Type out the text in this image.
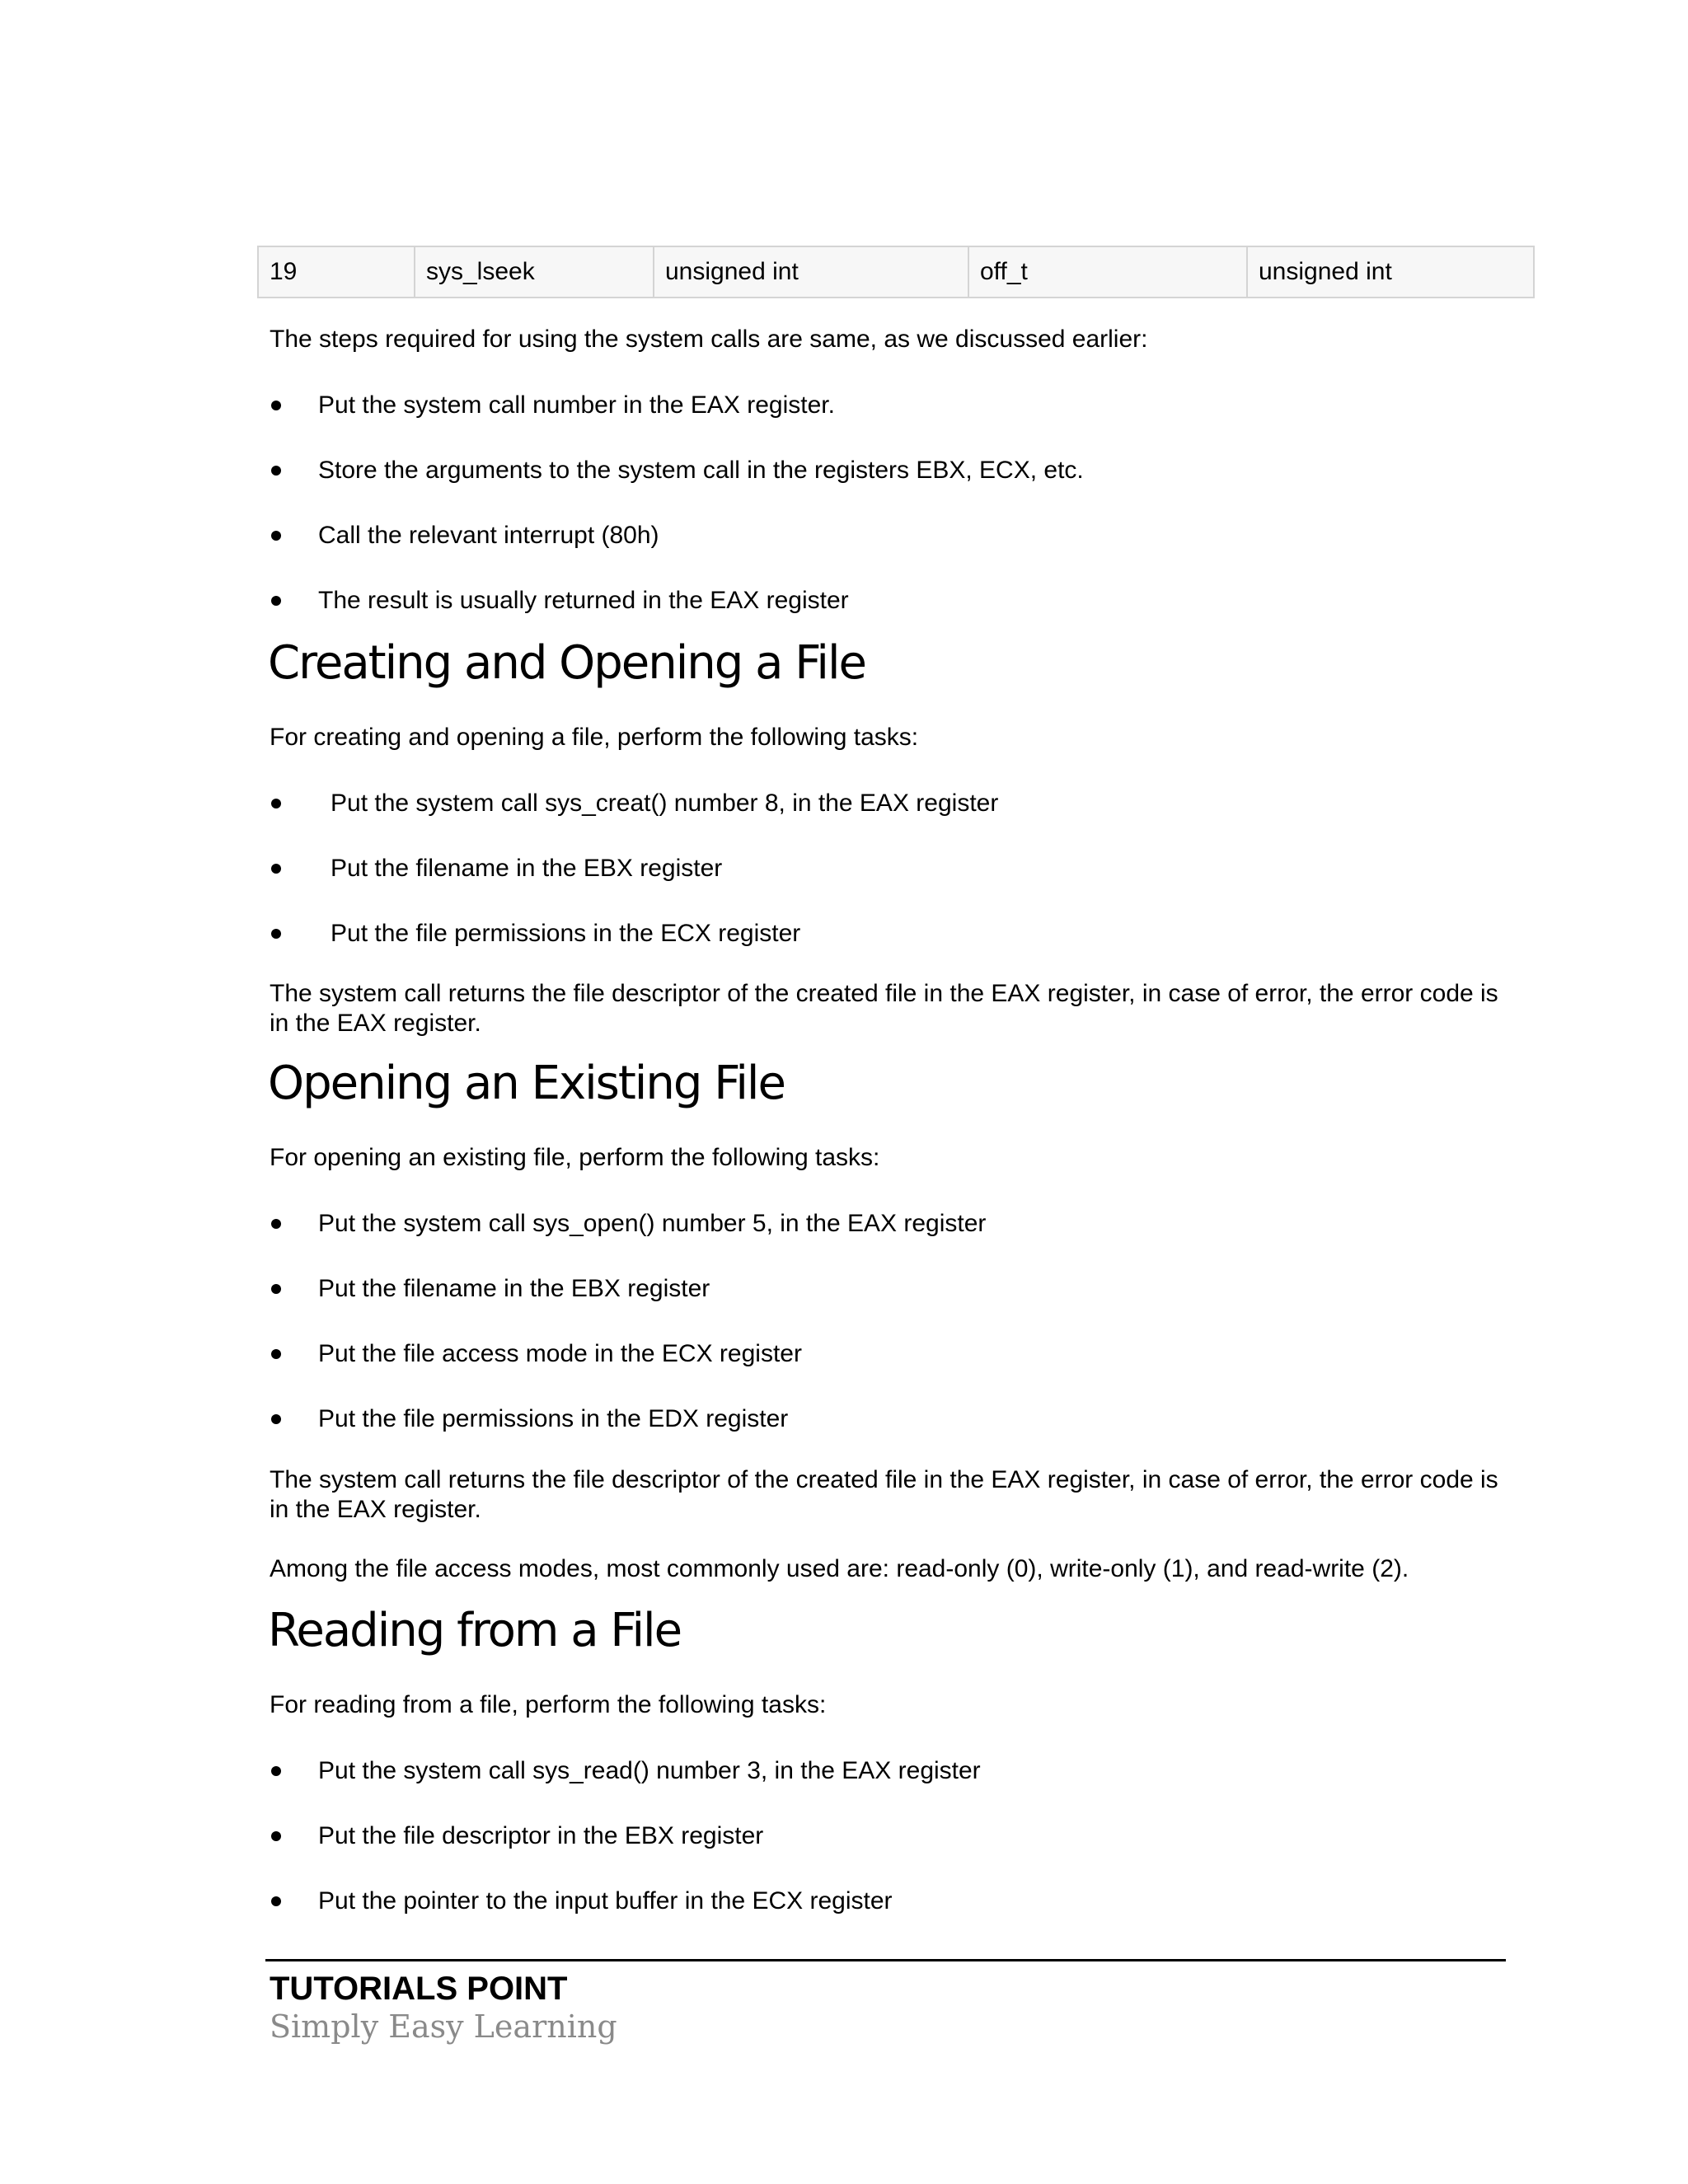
19	sys_lseek	unsigned int	off_t	unsigned int
The steps required for using the system calls are same, as we discussed earlier:
Put the system call number in the EAX register.
Store the arguments to the system call in the registers EBX, ECX, etc.
Call the relevant interrupt (80h)
The result is usually returned in the EAX register
Creating and Opening a File
For creating and opening a file, perform the following tasks:
Put the system call sys_creat() number 8, in the EAX register
Put the filename in the EBX register
Put the file permissions in the ECX register
The system call returns the file descriptor of the created file in the EAX register, in case of error, the error code is in the EAX register.
Opening an Existing File
For opening an existing file, perform the following tasks:
Put the system call sys_open() number 5, in the EAX register
Put the filename in the EBX register
Put the file access mode in the ECX register
Put the file permissions in the EDX register
The system call returns the file descriptor of the created file in the EAX register, in case of error, the error code is in the EAX register.
Among the file access modes, most commonly used are: read-only (0), write-only (1), and read-write (2).
Reading from a File
For reading from a file, perform the following tasks:
Put the system call sys_read() number 3, in the EAX register
Put the file descriptor in the EBX register
Put the pointer to the input buffer in the ECX register
TUTORIALS POINT
Simply Easy Learning
